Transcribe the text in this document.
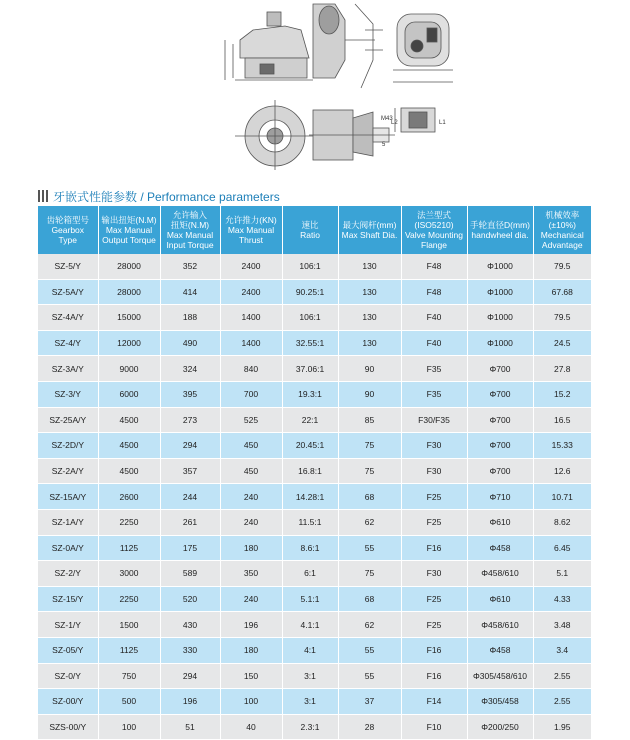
M43
5
L2	L1
牙嵌式性能参数 / Performance parameters
齿轮箱型号
Gearbox
Type	输出扭矩(N.M)
Max Manual
Output Torque	允许输入
扭矩(N.M)
Max Manual
Input Torque	允许推力(KN)
Max Manual
Thrust	速比
Ratio	最大阀杆(mm)
Max Shaft Dia.	法兰型式
(ISO5210)
Valve Mounting
Flange	手轮直径D(mm)
handwheel dia.	机械效率
(±10%)
Mechanical
Advantage
SZ-5/Y	28000	352	2400	106:1	130	F48	Φ1000	79.5
SZ-5A/Y	28000	414	2400	90.25:1	130	F48	Φ1000	67.68
SZ-4A/Y	15000	188	1400	106:1	130	F40	Φ1000	79.5
SZ-4/Y	12000	490	1400	32.55:1	130	F40	Φ1000	24.5
SZ-3A/Y	9000	324	840	37.06:1	90	F35	Φ700	27.8
SZ-3/Y	6000	395	700	19.3:1	90	F35	Φ700	15.2
SZ-25A/Y	4500	273	525	22:1	85	F30/F35	Φ700	16.5
SZ-2D/Y	4500	294	450	20.45:1	75	F30	Φ700	15.33
SZ-2A/Y	4500	357	450	16.8:1	75	F30	Φ700	12.6
SZ-15A/Y	2600	244	240	14.28:1	68	F25	Φ710	10.71
SZ-1A/Y	2250	261	240	11.5:1	62	F25	Φ610	8.62
SZ-0A/Y	1125	175	180	8.6:1	55	F16	Φ458	6.45
SZ-2/Y	3000	589	350	6:1	75	F30	Φ458/610	5.1
SZ-15/Y	2250	520	240	5.1:1	68	F25	Φ610	4.33
SZ-1/Y	1500	430	196	4.1:1	62	F25	Φ458/610	3.48
SZ-05/Y	1125	330	180	4:1	55	F16	Φ458	3.4
SZ-0/Y	750	294	150	3:1	55	F16	Φ305/458/610	2.55
SZ-00/Y	500	196	100	3:1	37	F14	Φ305/458	2.55
SZS-00/Y	100	51	40	2.3:1	28	F10	Φ200/250	1.95
